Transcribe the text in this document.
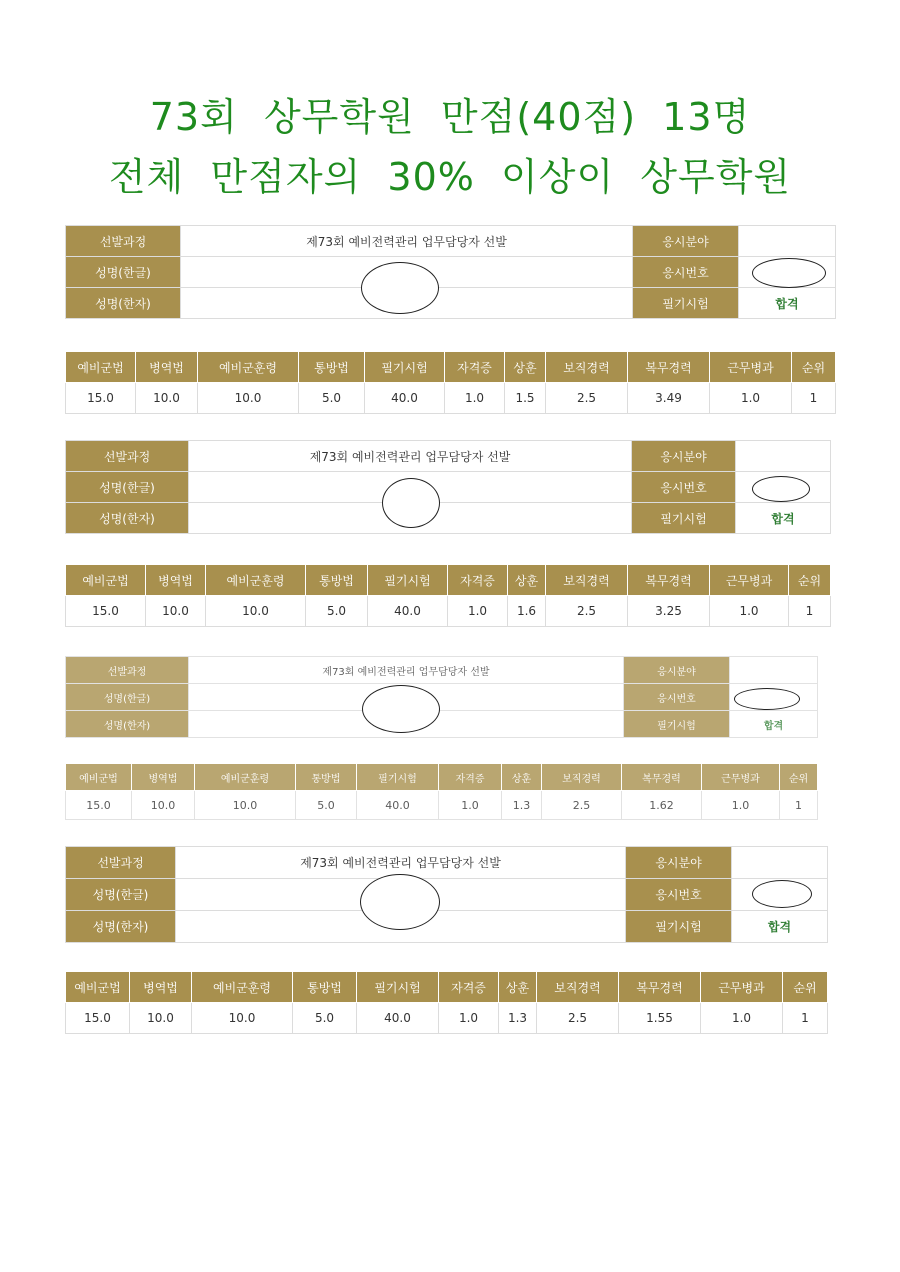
73회  상무학원  만점(40점)  13명
전체  만점자의  30%  이상이  상무학원
선발과정	제73회 예비전력관리 업무담당자 선발	응시분야	
성명(한글)		응시번호	
성명(한자)		필기시험	합격
예비군법	병역법	예비군훈령	통방법	필기시험	자격증	상훈	보직경력	복무경력	근무병과	순위
15.0	10.0	10.0	5.0	40.0	1.0	1.5	2.5	3.49	1.0	1
선발과정	제73회 예비전력관리 업무담당자 선발	응시분야	
성명(한글)		응시번호	
성명(한자)		필기시험	합격
예비군법	병역법	예비군훈령	통방법	필기시험	자격증	상훈	보직경력	복무경력	근무병과	순위
15.0	10.0	10.0	5.0	40.0	1.0	1.6	2.5	3.25	1.0	1
선발과정	제73회 예비전력관리 업무담당자 선발	응시분야	
성명(한글)		응시번호	
성명(한자)		필기시험	합격
예비군법	병역법	예비군훈령	통방법	필기시험	자격증	상훈	보직경력	복무경력	근무병과	순위
15.0	10.0	10.0	5.0	40.0	1.0	1.3	2.5	1.62	1.0	1
선발과정	제73회 예비전력관리 업무담당자 선발	응시분야	
성명(한글)		응시번호	
성명(한자)		필기시험	합격
예비군법	병역법	예비군훈령	통방법	필기시험	자격증	상훈	보직경력	복무경력	근무병과	순위
15.0	10.0	10.0	5.0	40.0	1.0	1.3	2.5	1.55	1.0	1
